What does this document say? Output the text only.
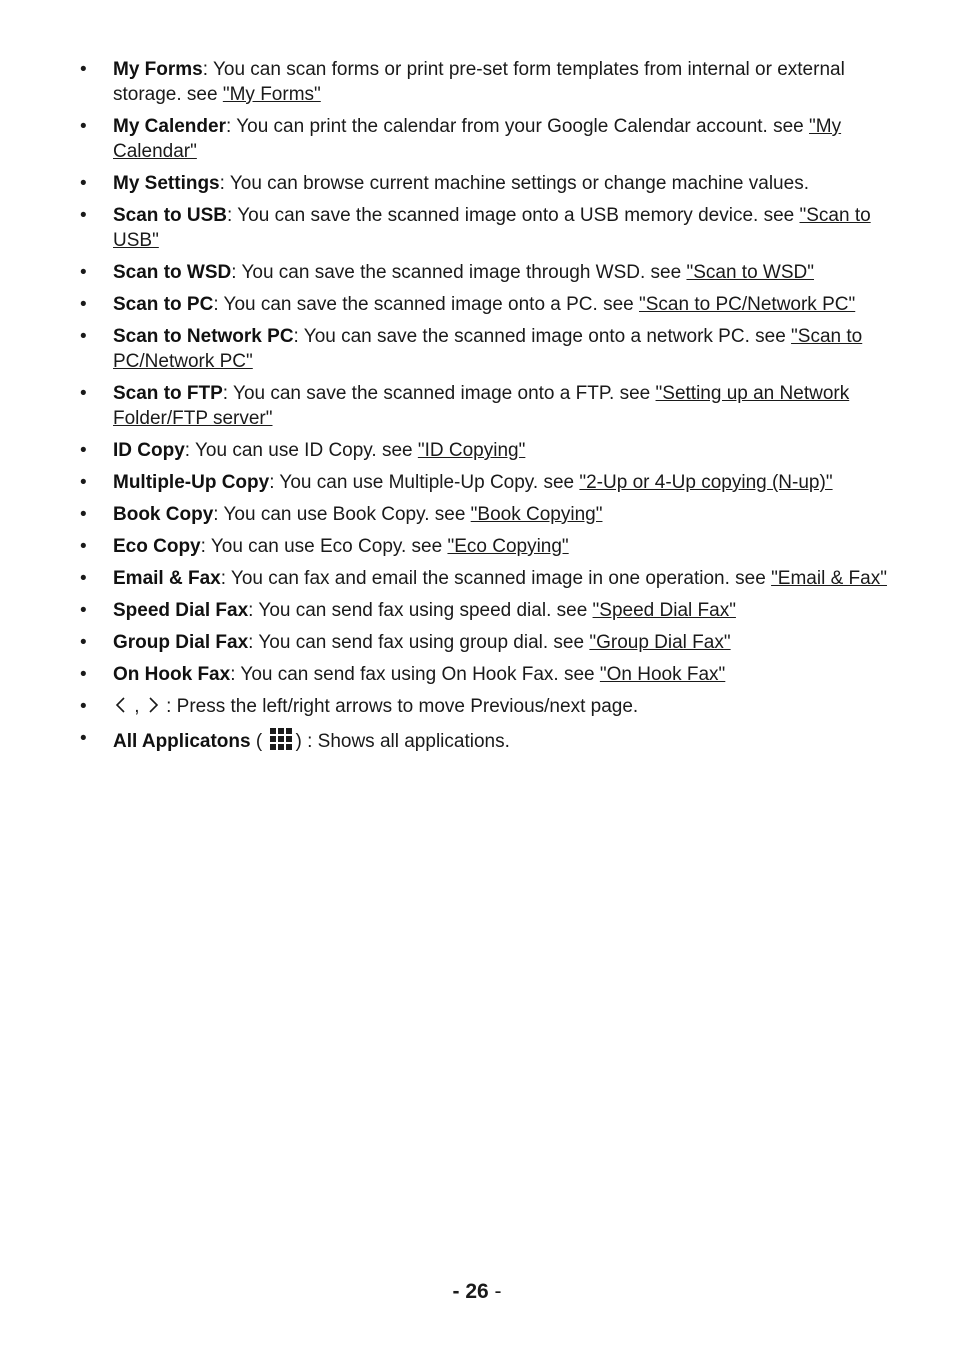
• My Forms: You can scan forms or print pre-set form templates from internal or external storage. see "My Forms"
• My Calender: You can print the calendar from your Google Calendar account. see "My Calendar"
• My Settings: You can browse current machine settings or change machine values.
• Scan to USB: You can save the scanned image onto a USB memory device. see "Scan to USB"
• Scan to WSD: You can save the scanned image through WSD. see "Scan to WSD"
• Scan to PC: You can save the scanned image onto a PC. see "Scan to PC/Network PC"
• Scan to Network PC: You can save the scanned image onto a network PC. see "Scan to PC/Network PC"
• Scan to FTP: You can save the scanned image onto a FTP. see "Setting up an Network Folder/FTP server"
• ID Copy: You can use ID Copy. see "ID Copying"
• Multiple-Up Copy: You can use Multiple-Up Copy. see "2-Up or 4-Up copying (N-up)"
• Book Copy: You can use Book Copy. see "Book Copying"
• Eco Copy: You can use Eco Copy. see "Eco Copying"
• Email & Fax: You can fax and email the scanned image in one operation. see "Email & Fax"
• Speed Dial Fax: You can send fax using speed dial. see "Speed Dial Fax"
• Group Dial Fax: You can send fax using group dial. see "Group Dial Fax"
• On Hook Fax: You can send fax using On Hook Fax. see "On Hook Fax"
• ,  : Press the left/right arrows to move Previous/next page.
• All Applicatons ( ) : Shows all applications.
- 26 -
